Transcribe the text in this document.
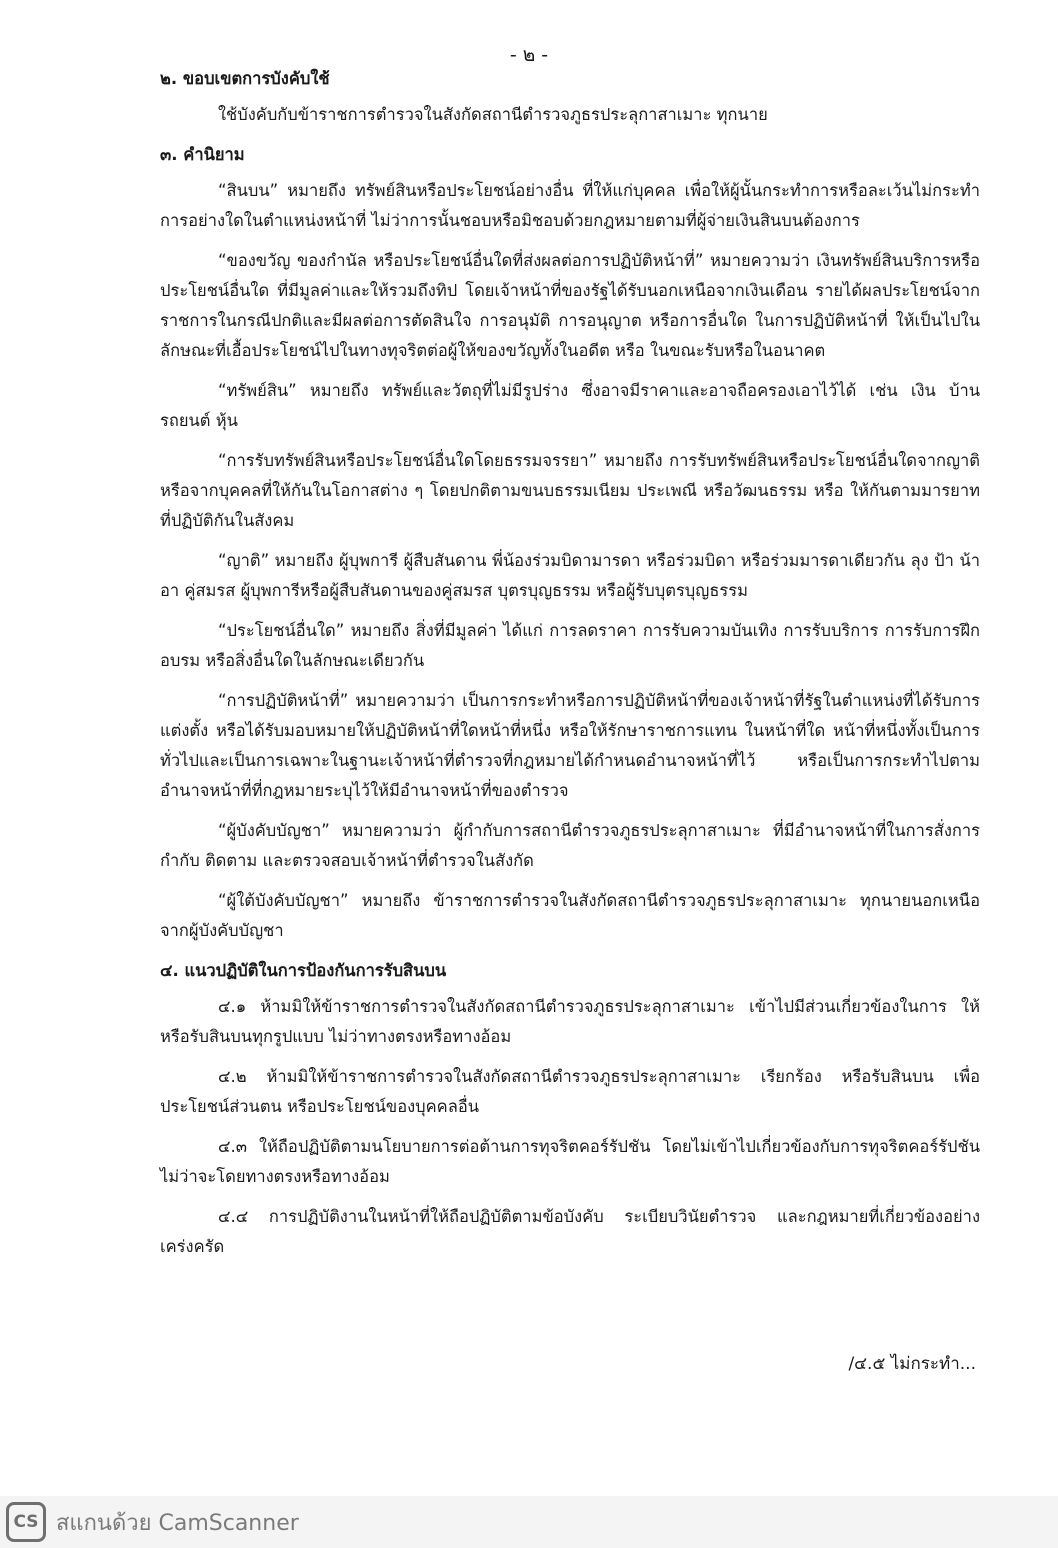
- ๒ -
๒. ขอบเขตการบังคับใช้

ใช้บังคับกับข้าราชการตำรวจในสังกัดสถานีตำรวจภูธรประลุกาสาเมาะ ทุกนาย

๓. คำนิยาม

“สินบน” หมายถึง ทรัพย์สินหรือประโยชน์อย่างอื่น ที่ให้แก่บุคคล เพื่อให้ผู้นั้นกระทำการหรือละเว้นไม่กระทำการอย่างใดในตำแหน่งหน้าที่ ไม่ว่าการนั้นชอบหรือมิชอบด้วยกฎหมายตามที่ผู้จ่ายเงินสินบนต้องการ

“ของขวัญ ของกำนัล หรือประโยชน์อื่นใดที่ส่งผลต่อการปฏิบัติหน้าที่” หมายความว่า เงินทรัพย์สินบริการหรือประโยชน์อื่นใด ที่มีมูลค่าและให้รวมถึงทิป โดยเจ้าหน้าที่ของรัฐได้รับนอกเหนือจากเงินเดือน รายได้ผลประโยชน์จากราชการในกรณีปกติและมีผลต่อการตัดสินใจ การอนุมัติ การอนุญาต หรือการอื่นใด ในการปฏิบัติหน้าที่ ให้เป็นไปในลักษณะที่เอื้อประโยชน์ไปในทางทุจริตต่อผู้ให้ของขวัญทั้งในอดีต หรือ ในขณะรับหรือในอนาคต

“ทรัพย์สิน” หมายถึง ทรัพย์และวัตถุที่ไม่มีรูปร่าง ซึ่งอาจมีราคาและอาจถือครองเอาไว้ได้ เช่น เงิน บ้าน รถยนต์ หุ้น

“การรับทรัพย์สินหรือประโยชน์อื่นใดโดยธรรมจรรยา” หมายถึง การรับทรัพย์สินหรือประโยชน์อื่นใดจากญาติหรือจากบุคคลที่ให้กันในโอกาสต่าง ๆ โดยปกติตามขนบธรรมเนียม ประเพณี หรือวัฒนธรรม หรือ ให้กันตามมารยาทที่ปฏิบัติกันในสังคม

“ญาติ” หมายถึง ผู้บุพการี ผู้สืบสันดาน พี่น้องร่วมบิดามารดา หรือร่วมบิดา หรือร่วมมารดาเดียวกัน ลุง ป้า น้า อา คู่สมรส ผู้บุพการีหรือผู้สืบสันดานของคู่สมรส บุตรบุญธรรม หรือผู้รับบุตรบุญธรรม

“ประโยชน์อื่นใด” หมายถึง สิ่งที่มีมูลค่า ได้แก่ การลดราคา การรับความบันเทิง การรับบริการ การรับการฝึกอบรม หรือสิ่งอื่นใดในลักษณะเดียวกัน

“การปฏิบัติหน้าที่” หมายความว่า เป็นการกระทำหรือการปฏิบัติหน้าที่ของเจ้าหน้าที่รัฐในตำแหน่งที่ได้รับการแต่งตั้ง หรือได้รับมอบหมายให้ปฏิบัติหน้าที่ใดหน้าที่หนึ่ง หรือให้รักษาราชการแทน ในหน้าที่ใด หน้าที่หนึ่งทั้งเป็นการทั่วไปและเป็นการเฉพาะในฐานะเจ้าหน้าที่ตำรวจที่กฎหมายได้กำหนดอำนาจหน้าที่ไว้ หรือเป็นการกระทำไปตามอำนาจหน้าที่ที่กฎหมายระบุไว้ให้มีอำนาจหน้าที่ของตำรวจ

“ผู้บังคับบัญชา” หมายความว่า ผู้กำกับการสถานีตำรวจภูธรประลุกาสาเมาะ ที่มีอำนาจหน้าที่ในการสั่งการ กำกับ ติดตาม และตรวจสอบเจ้าหน้าที่ตำรวจในสังกัด

“ผู้ใต้บังคับบัญชา” หมายถึง ข้าราชการตำรวจในสังกัดสถานีตำรวจภูธรประลุกาสาเมาะ ทุกนายนอกเหนือจากผู้บังคับบัญชา

๔. แนวปฏิบัติในการป้องกันการรับสินบน

๔.๑ ห้ามมิให้ข้าราชการตำรวจในสังกัดสถานีตำรวจภูธรประลุกาสาเมาะ เข้าไปมีส่วนเกี่ยวข้องในการ ให้หรือรับสินบนทุกรูปแบบ ไม่ว่าทางตรงหรือทางอ้อม

๔.๒ ห้ามมิให้ข้าราชการตำรวจในสังกัดสถานีตำรวจภูธรประลุกาสาเมาะ เรียกร้อง หรือรับสินบน เพื่อประโยชน์ส่วนตน หรือประโยชน์ของบุคคลอื่น

๔.๓ ให้ถือปฏิบัติตามนโยบายการต่อต้านการทุจริตคอร์รัปชัน โดยไม่เข้าไปเกี่ยวข้องกับการทุจริตคอร์รัปชันไม่ว่าจะโดยทางตรงหรือทางอ้อม

๔.๔ การปฏิบัติงานในหน้าที่ให้ถือปฏิบัติตามข้อบังคับ ระเบียบวินัยตำรวจ และกฎหมายที่เกี่ยวข้องอย่างเคร่งครัด

/๔.๕ ไม่กระทำ...
CS สแกนด้วย CamScanner
